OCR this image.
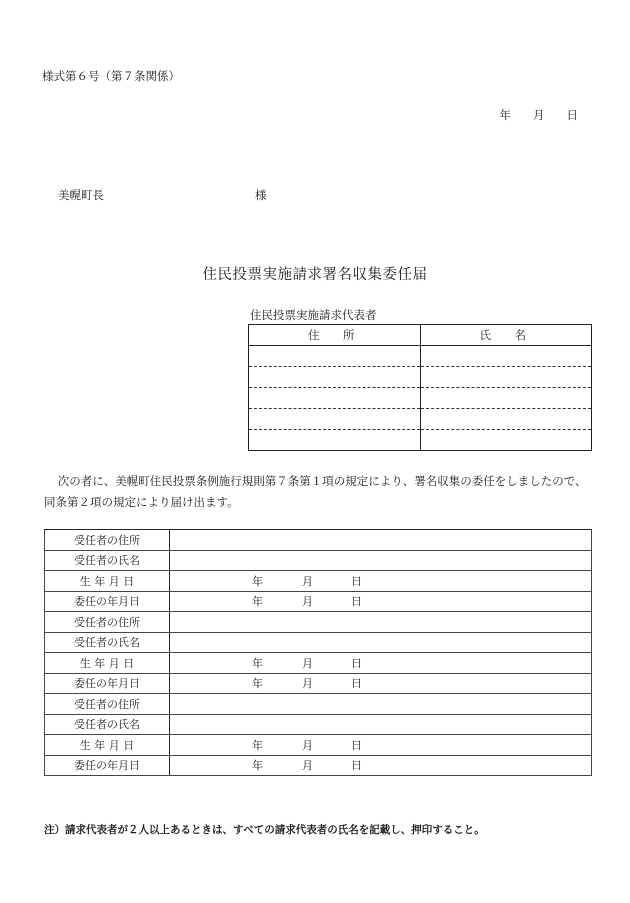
様式第６号（第７条関係）
年 月 日
美幌町長	様
住民投票実施請求署名収集委任届
住民投票実施請求代表者
住　所	氏　名

次の者に、美幌町住民投票条例施行規則第７条第１項の規定により、署名収集の委任をしましたので、同条第２項の規定により届け出ます。
受任者の住所	
受任者の氏名	
生 年 月 日	年 月 日

委任の年月日	年 月 日

受任者の住所	
受任者の氏名	
生 年 月 日	年 月 日

委任の年月日	年 月 日

受任者の住所	
受任者の氏名	
生 年 月 日	年 月 日

委任の年月日	年 月 日
注）請求代表者が２人以上あるときは、すべての請求代表者の氏名を記載し、押印すること。
